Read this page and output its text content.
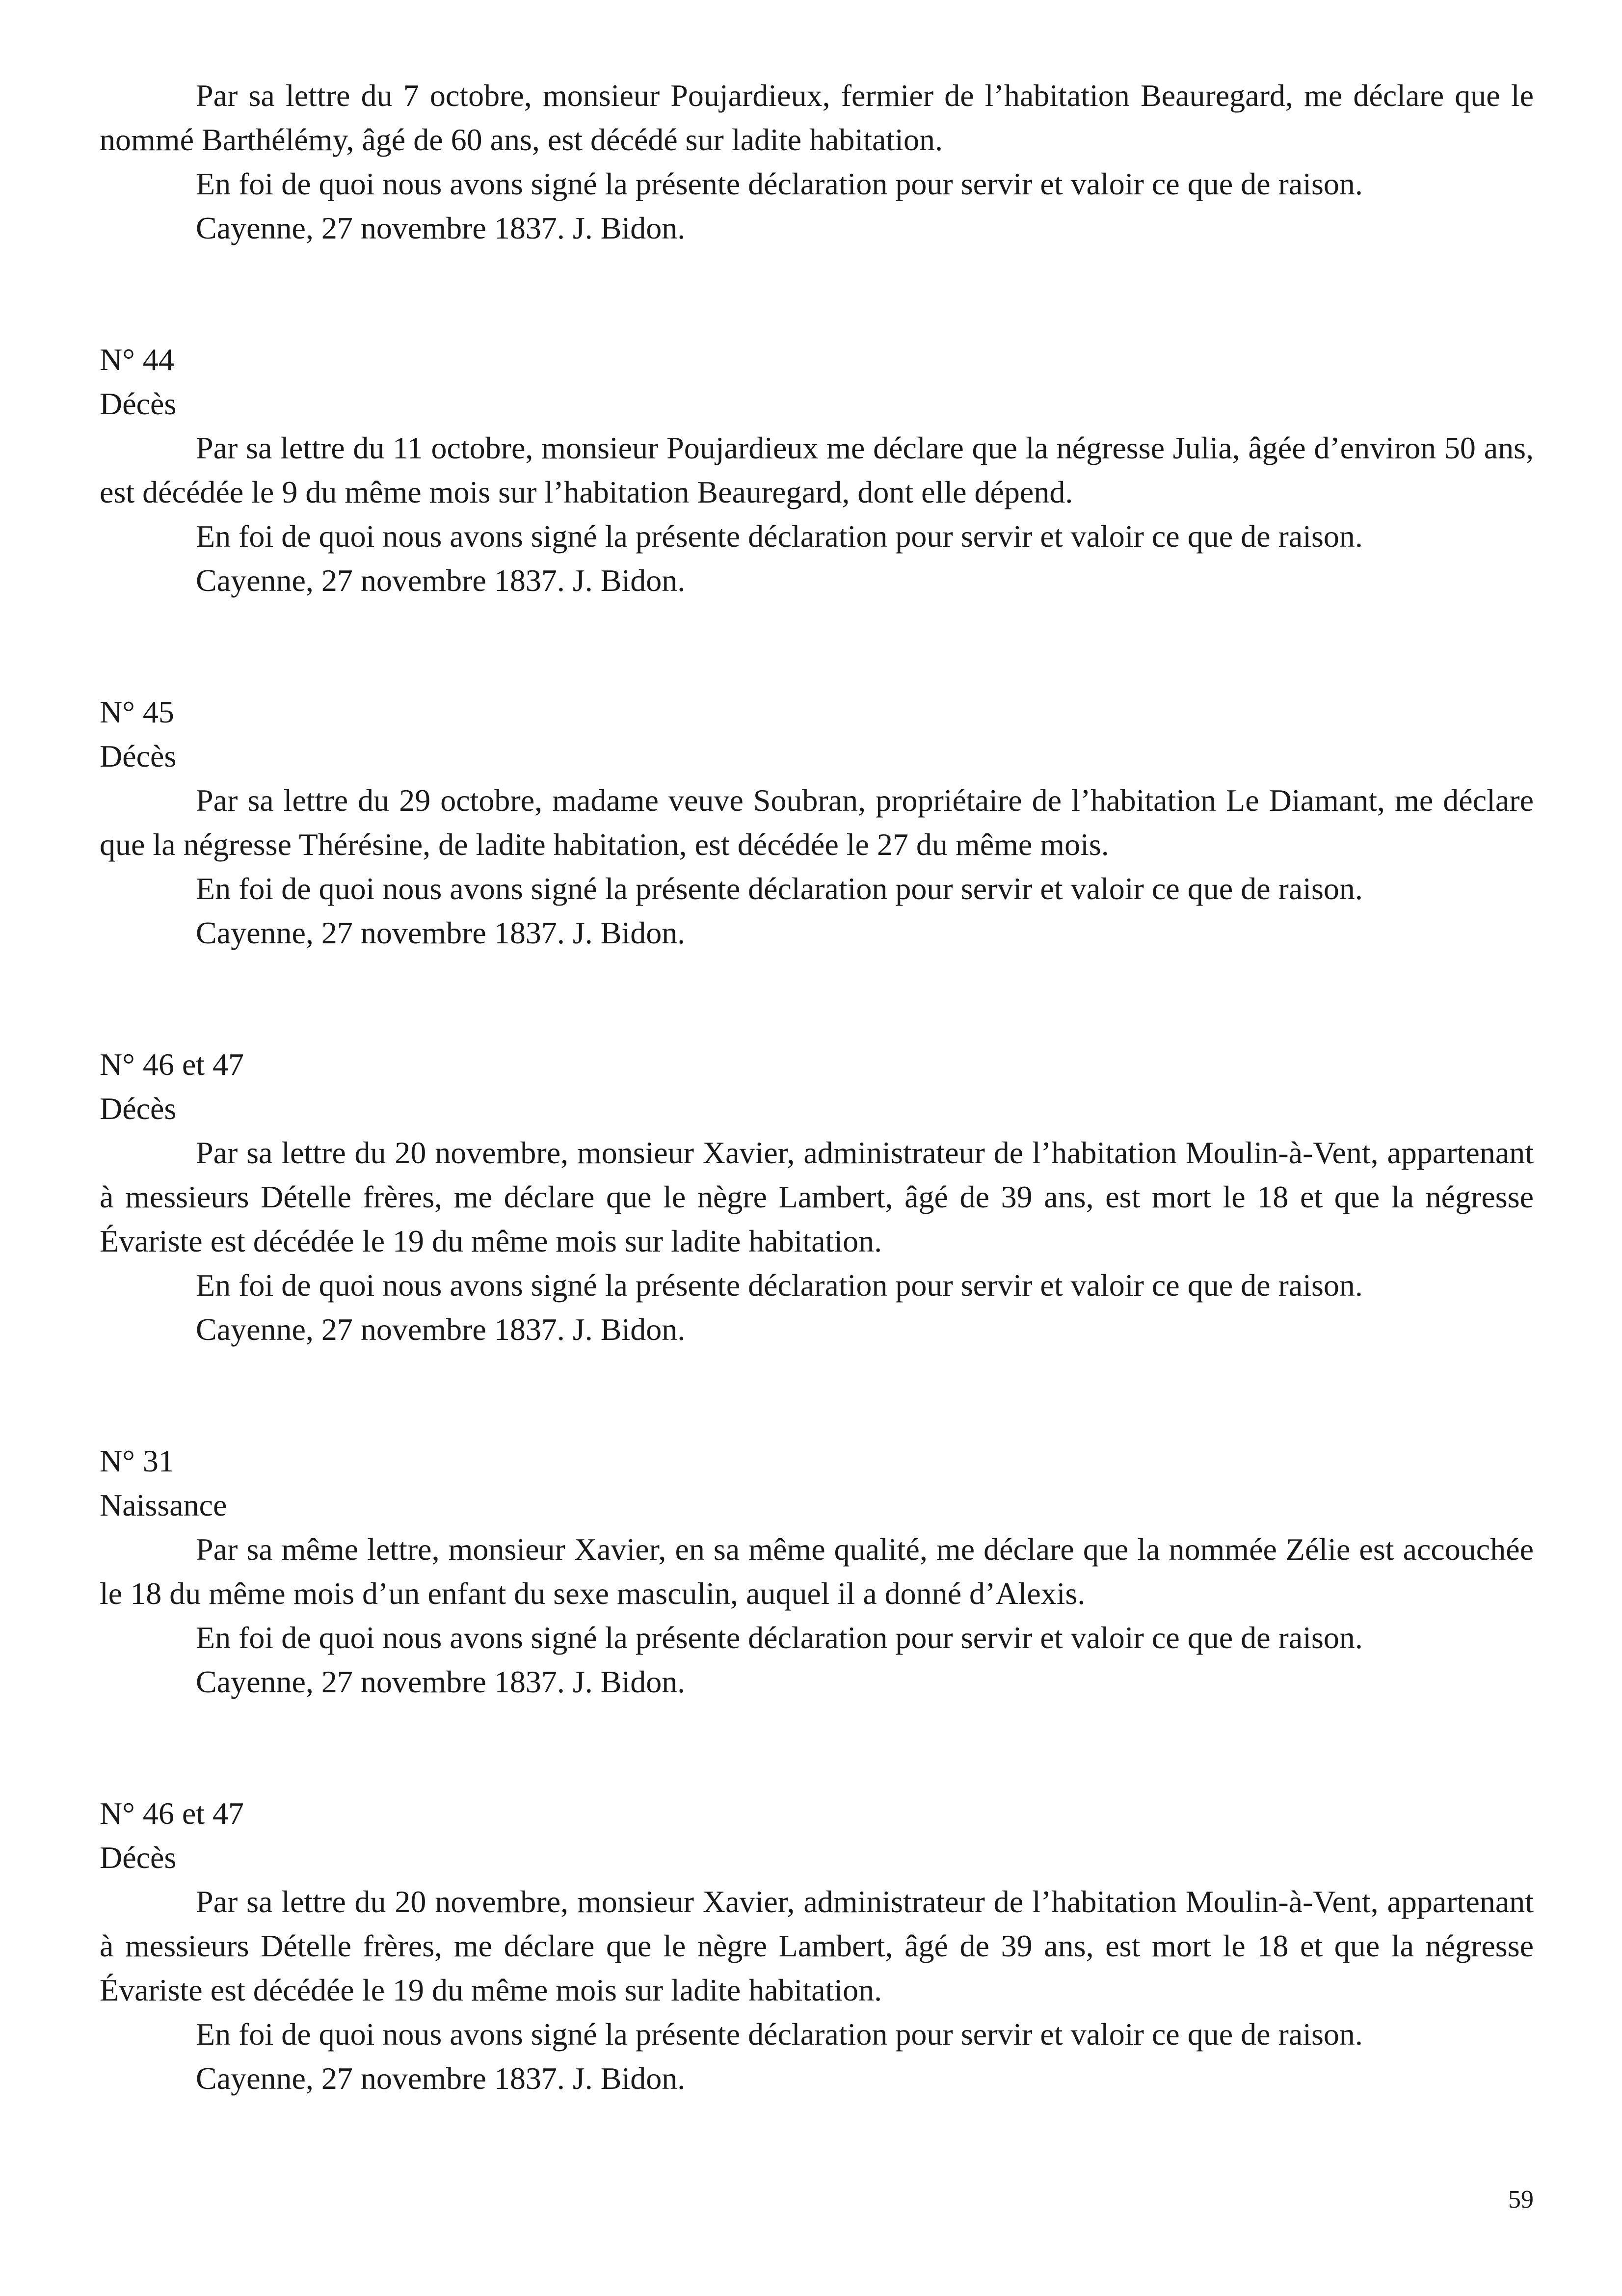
Par sa lettre du 7 octobre, monsieur Poujardieux, fermier de l’habitation Beauregard, me déclare que le nommé Barthélémy, âgé de 60 ans, est décédé sur ladite habitation.

En foi de quoi nous avons signé la présente déclaration pour servir et valoir ce que de raison.

Cayenne, 27 novembre 1837. J. Bidon.

N° 44

Décès

Par sa lettre du 11 octobre, monsieur Poujardieux me déclare que la négresse Julia, âgée d’environ 50 ans, est décédée le 9 du même mois sur l’habitation Beauregard, dont elle dépend.

En foi de quoi nous avons signé la présente déclaration pour servir et valoir ce que de raison.

Cayenne, 27 novembre 1837. J. Bidon.

N° 45

Décès

Par sa lettre du 29 octobre, madame veuve Soubran, propriétaire de l’habitation Le Diamant, me déclare que la négresse Thérésine, de ladite habitation, est décédée le 27 du même mois.

En foi de quoi nous avons signé la présente déclaration pour servir et valoir ce que de raison.

Cayenne, 27 novembre 1837. J. Bidon.

N° 46 et 47

Décès

Par sa lettre du 20 novembre, monsieur Xavier, administrateur de l’habitation Moulin-à-Vent, appartenant à messieurs Dételle frères, me déclare que le nègre Lambert, âgé de 39 ans, est mort le 18 et que la négresse Évariste est décédée le 19 du même mois sur ladite habitation.

En foi de quoi nous avons signé la présente déclaration pour servir et valoir ce que de raison.

Cayenne, 27 novembre 1837. J. Bidon.

N° 31

Naissance

Par sa même lettre, monsieur Xavier, en sa même qualité, me déclare que la nommée Zélie est accouchée le 18 du même mois d’un enfant du sexe masculin, auquel il a donné d’Alexis.

En foi de quoi nous avons signé la présente déclaration pour servir et valoir ce que de raison.

Cayenne, 27 novembre 1837. J. Bidon.

N° 46 et 47

Décès

Par sa lettre du 20 novembre, monsieur Xavier, administrateur de l’habitation Moulin-à-Vent, appartenant à messieurs Dételle frères, me déclare que le nègre Lambert, âgé de 39 ans, est mort le 18 et que la négresse Évariste est décédée le 19 du même mois sur ladite habitation.

En foi de quoi nous avons signé la présente déclaration pour servir et valoir ce que de raison.

Cayenne, 27 novembre 1837. J. Bidon.

59
